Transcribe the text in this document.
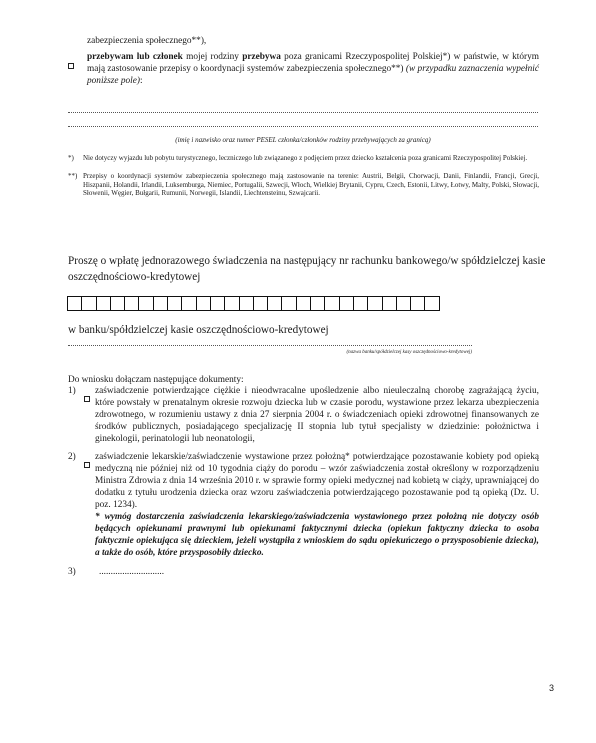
zabezpieczenia społecznego**),
przebywam lub członek mojej rodziny przebywa poza granicami Rzeczypospolitej Polskiej*) w państwie, w którym mają zastosowanie przepisy o koordynacji systemów zabezpieczenia społecznego**) (w przypadku zaznaczenia wypełnić poniższe pole):
(imię i nazwisko oraz numer PESEL członka/członków rodziny przebywających za granicą)
*) Nie dotyczy wyjazdu lub pobytu turystycznego, leczniczego lub związanego z podjęciem przez dziecko kształcenia poza granicami Rzeczypospolitej Polskiej.
**) Przepisy o koordynacji systemów zabezpieczenia społecznego mają zastosowanie na terenie: Austrii, Belgii, Chorwacji, Danii, Finlandii, Francji, Grecji, Hiszpanii, Holandii, Irlandii, Luksemburga, Niemiec, Portugalii, Szwecji, Włoch, Wielkiej Brytanii, Cypru, Czech, Estonii, Litwy, Łotwy, Malty, Polski, Słowacji, Słowenii, Węgier, Bułgarii, Rumunii, Norwegii, Islandii, Liechtensteinu, Szwajcarii.
Proszę o wpłatę jednorazowego świadczenia na następujący nr rachunku bankowego/w spółdzielczej kasie oszczędnościowo-kredytowej
w banku/spółdzielczej kasie oszczędnościowo-kredytowej
(nazwa banku/spółdzielczej kasy oszczędnościowo-kredytowej)
Do wniosku dołączam następujące dokumenty:
1) zaświadczenie potwierdzające ciężkie i nieodwracalne upośledzenie albo nieuleczalną chorobę zagrażającą życiu, które powstały w prenatalnym okresie rozwoju dziecka lub w czasie porodu, wystawione przez lekarza ubezpieczenia zdrowotnego, w rozumieniu ustawy z dnia 27 sierpnia 2004 r. o świadczeniach opieki zdrowotnej finansowanych ze środków publicznych, posiadającego specjalizację II stopnia lub tytuł specjalisty w dziedzinie: położnictwa i ginekologii, perinatologii lub neonatologii,
2) zaświadczenie lekarskie/zaświadczenie wystawione przez położną* potwierdzające pozostawanie kobiety pod opieką medyczną nie później niż od 10 tygodnia ciąży do porodu – wzór zaświadczenia został określony w rozporządzeniu Ministra Zdrowia z dnia 14 września 2010 r. w sprawie formy opieki medycznej nad kobietą w ciąży, uprawniającej do dodatku z tytułu urodzenia dziecka oraz wzoru zaświadczenia potwierdzającego pozostawanie pod tą opieką (Dz. U. poz. 1234).
* wymóg dostarczenia zaświadczenia lekarskiego/zaświadczenia wystawionego przez położną nie dotyczy osób będących opiekunami prawnymi lub opiekunami faktycznymi dziecka (opiekun faktyczny dziecka to osoba faktycznie opiekująca się dzieckiem, jeżeli wystąpiła z wnioskiem do sądu opiekuńczego o przysposobienie dziecka), a także do osób, które przysposobiły dziecko.
3)	............................
3
